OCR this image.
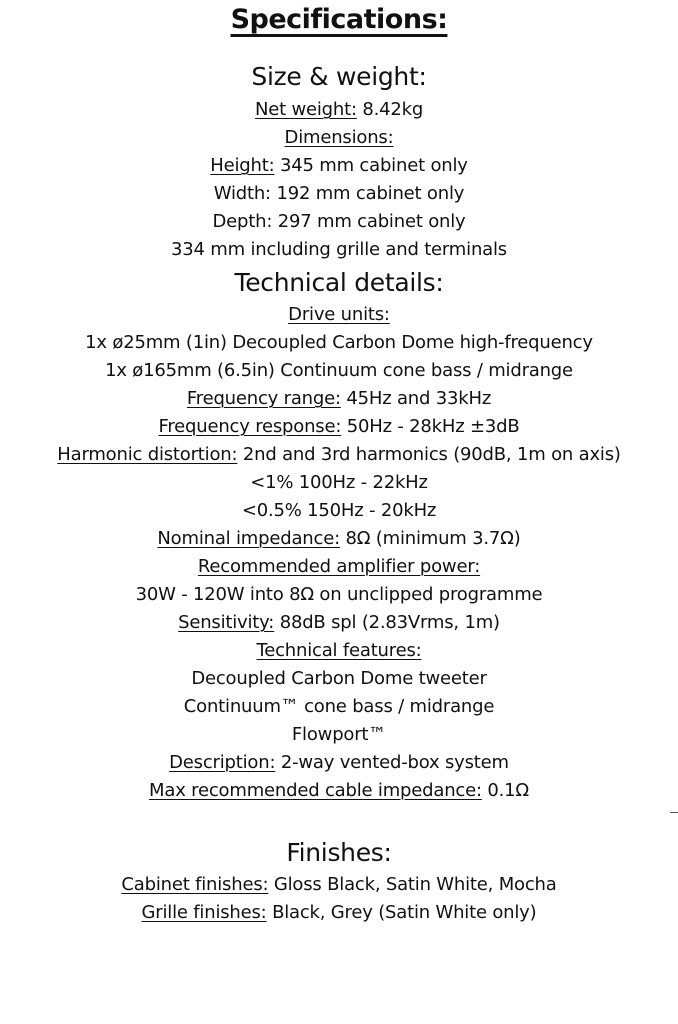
Specifications:
Size & weight:
Net weight: 8.42kg
Dimensions:
Height: 345 mm cabinet only
Width: 192 mm cabinet only
Depth: 297 mm cabinet only
334 mm including grille and terminals
Technical details:
Drive units:
1x ø25mm (1in) Decoupled Carbon Dome high-frequency
1x ø165mm (6.5in) Continuum cone bass / midrange
Frequency range: 45Hz and 33kHz
Frequency response: 50Hz - 28kHz ±3dB
Harmonic distortion: 2nd and 3rd harmonics (90dB, 1m on axis)
<1% 100Hz - 22kHz
<0.5% 150Hz - 20kHz
Nominal impedance: 8Ω (minimum 3.7Ω)
Recommended amplifier power:
30W - 120W into 8Ω on unclipped programme
Sensitivity: 88dB spl (2.83Vrms, 1m)
Technical features:
Decoupled Carbon Dome tweeter
Continuum™ cone bass / midrange
Flowport™
Description: 2-way vented-box system
Max recommended cable impedance: 0.1Ω
Finishes:
Cabinet finishes: Gloss Black, Satin White, Mocha
Grille finishes: Black, Grey (Satin White only)
